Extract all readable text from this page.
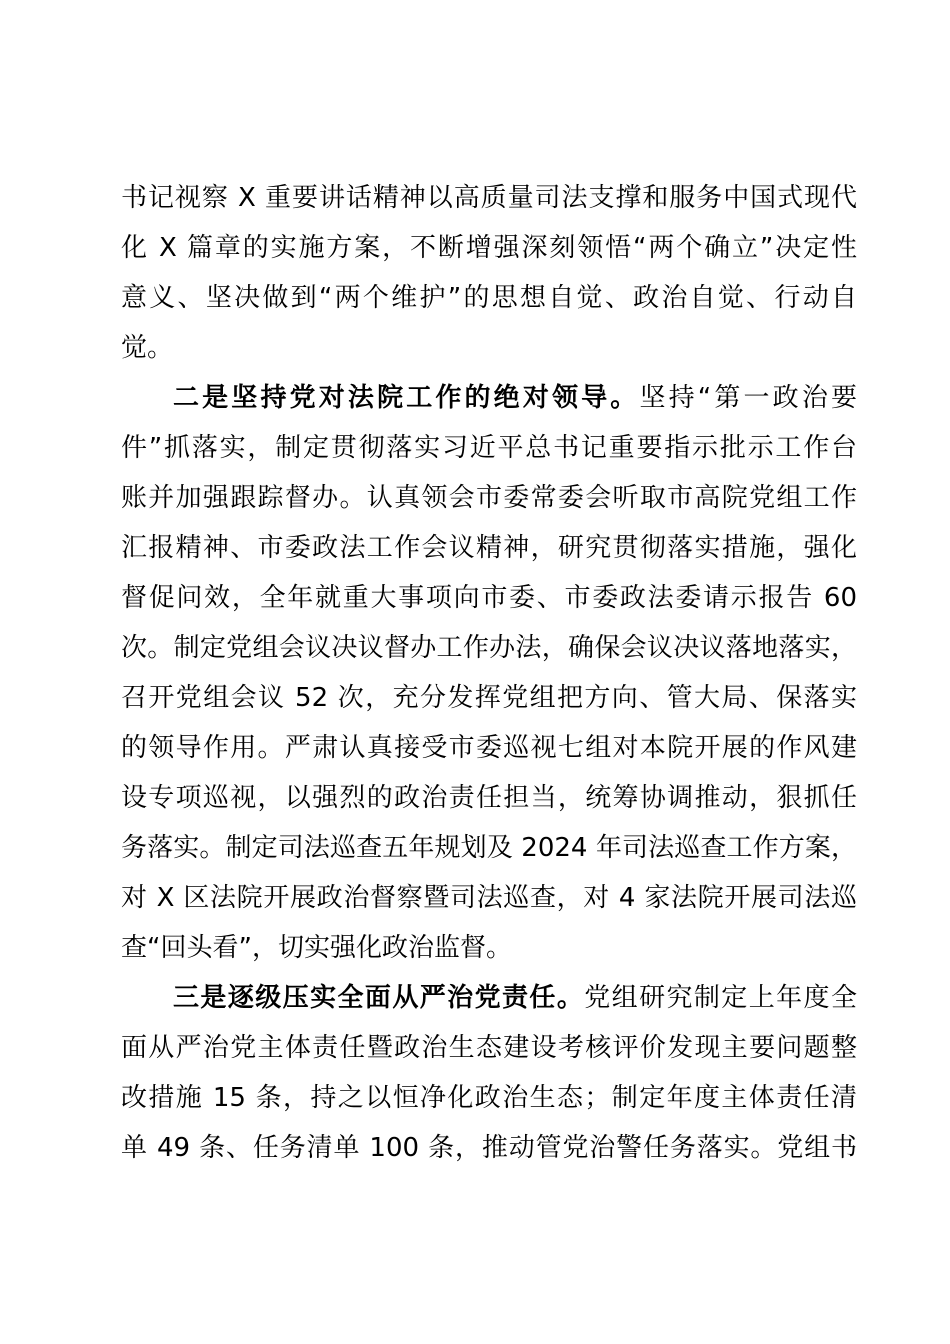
书记视察 X 重要讲话精神以高质量司法支撑和服务中国式现代
化 X 篇章的实施方案，不断增强深刻领悟“两个确立”决定性
意义、坚决做到“两个维护”的思想自觉、政治自觉、行动自
觉。
二是坚持党对法院工作的绝对领导。坚持“第一政治要
件”抓落实，制定贯彻落实习近平总书记重要指示批示工作台
账并加强跟踪督办。认真领会市委常委会听取市高院党组工作
汇报精神、市委政法工作会议精神，研究贯彻落实措施，强化
督促问效，全年就重大事项向市委、市委政法委请示报告 60
次。制定党组会议决议督办工作办法，确保会议决议落地落实，
召开党组会议 52 次，充分发挥党组把方向、管大局、保落实
的领导作用。严肃认真接受市委巡视七组对本院开展的作风建
设专项巡视，以强烈的政治责任担当，统筹协调推动，狠抓任
务落实。制定司法巡查五年规划及 2024 年司法巡查工作方案，
对 X 区法院开展政治督察暨司法巡查，对 4 家法院开展司法巡
查“回头看”，切实强化政治监督。
三是逐级压实全面从严治党责任。党组研究制定上年度全
面从严治党主体责任暨政治生态建设考核评价发现主要问题整
改措施 15 条，持之以恒净化政治生态；制定年度主体责任清
单 49 条、任务清单 100 条，推动管党治警任务落实。党组书
